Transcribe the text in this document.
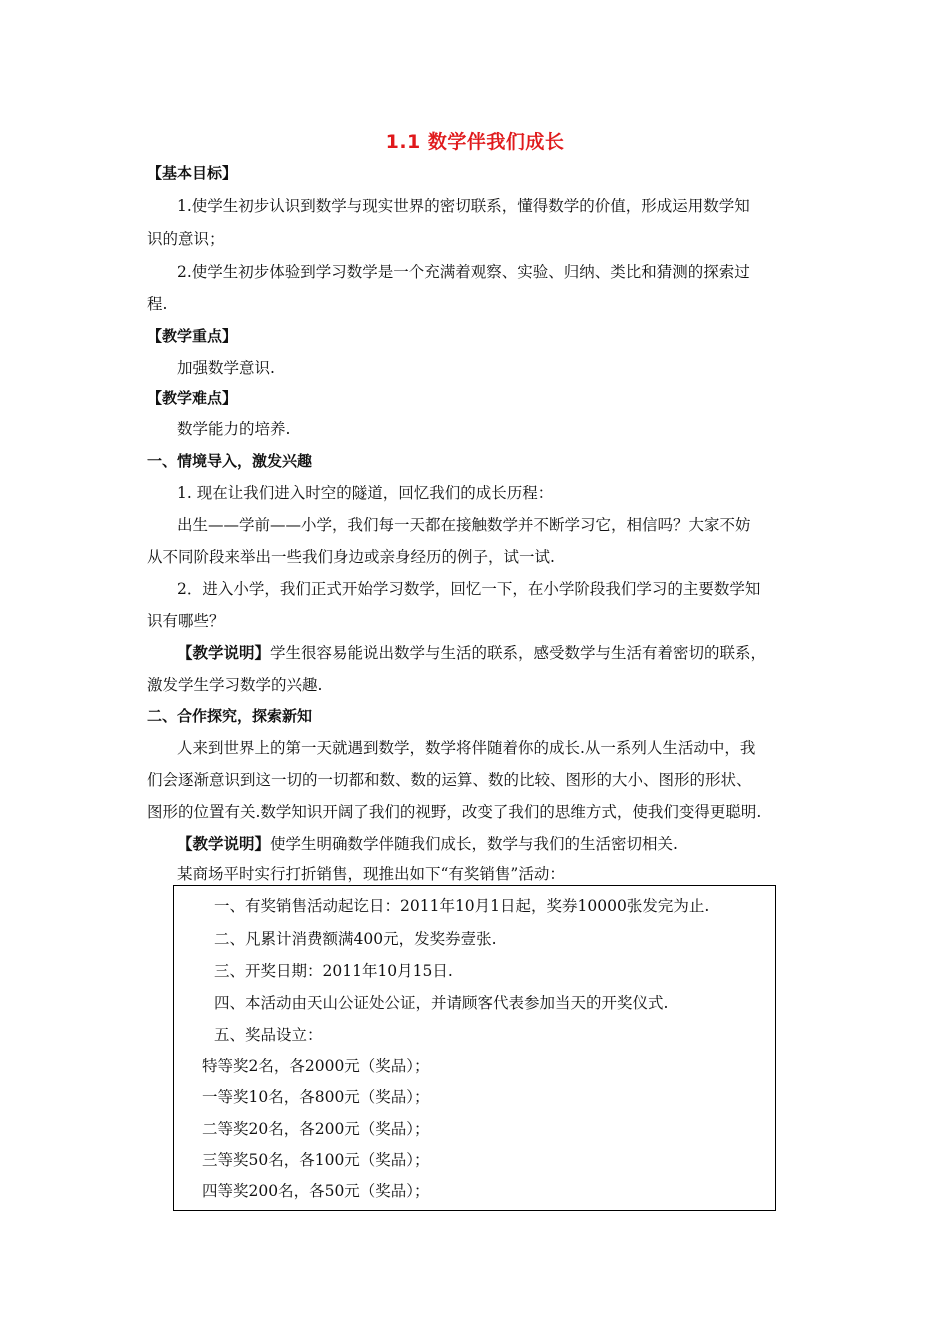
1.1 数学伴我们成长
【基本目标】
1.使学生初步认识到数学与现实世界的密切联系，懂得数学的价值，形成运用数学知
识的意识；
2.使学生初步体验到学习数学是一个充满着观察、实验、归纳、类比和猜测的探索过
程.
【教学重点】
加强数学意识.
【教学难点】
数学能力的培养.
一、情境导入，激发兴趣
1. 现在让我们进入时空的隧道，回忆我们的成长历程：
出生——学前——小学，我们每一天都在接触数学并不断学习它，相信吗？大家不妨
从不同阶段来举出一些我们身边或亲身经历的例子，试一试.
2．进入小学，我们正式开始学习数学，回忆一下，在小学阶段我们学习的主要数学知
识有哪些？
【教学说明】学生很容易能说出数学与生活的联系，感受数学与生活有着密切的联系，
激发学生学习数学的兴趣.
二、合作探究，探索新知
人来到世界上的第一天就遇到数学，数学将伴随着你的成长.从一系列人生活动中，我
们会逐渐意识到这一切的一切都和数、数的运算、数的比较、图形的大小、图形的形状、
图形的位置有关.数学知识开阔了我们的视野，改变了我们的思维方式，使我们变得更聪明.
【教学说明】使学生明确数学伴随我们成长，数学与我们的生活密切相关.
某商场平时实行打折销售，现推出如下“有奖销售”活动：
一、有奖销售活动起讫日：2011年10月1日起，奖券10000张发完为止.
二、凡累计消费额满400元，发奖券壹张.
三、开奖日期：2011年10月15日.
四、本活动由天山公证处公证，并请顾客代表参加当天的开奖仪式.
五、奖品设立：
特等奖2名，各2000元（奖品）；
一等奖10名，各800元（奖品）；
二等奖20名，各200元（奖品）；
三等奖50名，各100元（奖品）；
四等奖200名，各50元（奖品）；
